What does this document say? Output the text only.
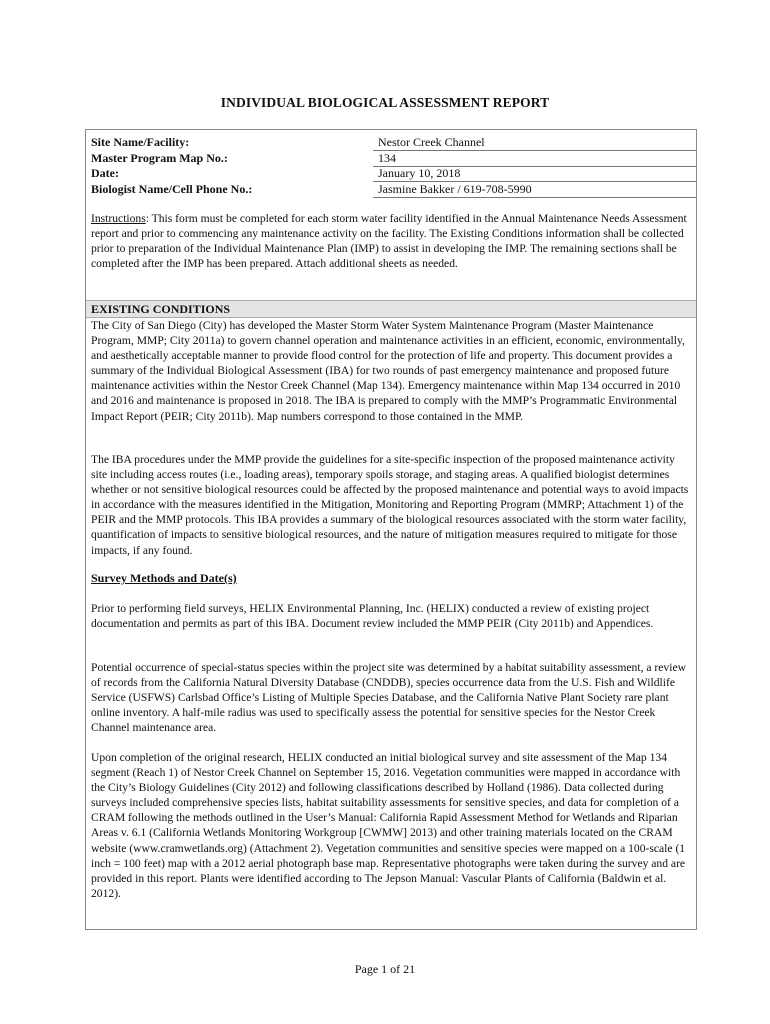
INDIVIDUAL BIOLOGICAL ASSESSMENT REPORT
Site Name/Facility:	Nestor Creek Channel
Master Program Map No.:	134
Date:	January 10, 2018
Biologist Name/Cell Phone No.:	Jasmine Bakker / 619-708-5990

Instructions: This form must be completed for each storm water facility identified in the Annual Maintenance Needs Assessment report and prior to commencing any maintenance activity on the facility. The Existing Conditions information shall be collected prior to preparation of the Individual Maintenance Plan (IMP) to assist in developing the IMP. The remaining sections shall be completed after the IMP has been prepared. Attach additional sheets as needed.

EXISTING CONDITIONS
The City of San Diego (City) has developed the Master Storm Water System Maintenance Program (Master Maintenance Program, MMP; City 2011a) to govern channel operation and maintenance activities in an efficient, economic, environmentally, and aesthetically acceptable manner to provide flood control for the protection of life and property. This document provides a summary of the Individual Biological Assessment (IBA) for two rounds of past emergency maintenance and proposed future maintenance activities within the Nestor Creek Channel (Map 134). Emergency maintenance within Map 134 occurred in 2010 and 2016 and maintenance is proposed in 2018. The IBA is prepared to comply with the MMP’s Programmatic Environmental Impact Report (PEIR; City 2011b). Map numbers correspond to those contained in the MMP.
The IBA procedures under the MMP provide the guidelines for a site-specific inspection of the proposed maintenance activity site including access routes (i.e., loading areas), temporary spoils storage, and staging areas. A qualified biologist determines whether or not sensitive biological resources could be affected by the proposed maintenance and potential ways to avoid impacts in accordance with the measures identified in the Mitigation, Monitoring and Reporting Program (MMRP; Attachment 1) of the PEIR and the MMP protocols. This IBA provides a summary of the biological resources associated with the storm water facility, quantification of impacts to sensitive biological resources, and the nature of mitigation measures required to mitigate for those impacts, if any found.
Survey Methods and Date(s)
Prior to performing field surveys, HELIX Environmental Planning, Inc. (HELIX) conducted a review of existing project documentation and permits as part of this IBA. Document review included the MMP PEIR (City 2011b) and Appendices.
Potential occurrence of special-status species within the project site was determined by a habitat suitability assessment, a review of records from the California Natural Diversity Database (CNDDB), species occurrence data from the U.S. Fish and Wildlife Service (USFWS) Carlsbad Office’s Listing of Multiple Species Database, and the California Native Plant Society rare plant online inventory. A half-mile radius was used to specifically assess the potential for sensitive species for the Nestor Creek Channel maintenance area.
Upon completion of the original research, HELIX conducted an initial biological survey and site assessment of the Map 134 segment (Reach 1) of Nestor Creek Channel on September 15, 2016. Vegetation communities were mapped in accordance with the City’s Biology Guidelines (City 2012) and following classifications described by Holland (1986). Data collected during surveys included comprehensive species lists, habitat suitability assessments for sensitive species, and data for completion of a CRAM following the methods outlined in the User’s Manual: California Rapid Assessment Method for Wetlands and Riparian Areas v. 6.1 (California Wetlands Monitoring Workgroup [CWMW] 2013) and other training materials located on the CRAM website (www.cramwetlands.org) (Attachment 2). Vegetation communities and sensitive species were mapped on a 100-scale (1 inch = 100 feet) map with a 2012 aerial photograph base map. Representative photographs were taken during the survey and are provided in this report. Plants were identified according to The Jepson Manual: Vascular Plants of California (Baldwin et al. 2012).
Page 1 of 21
